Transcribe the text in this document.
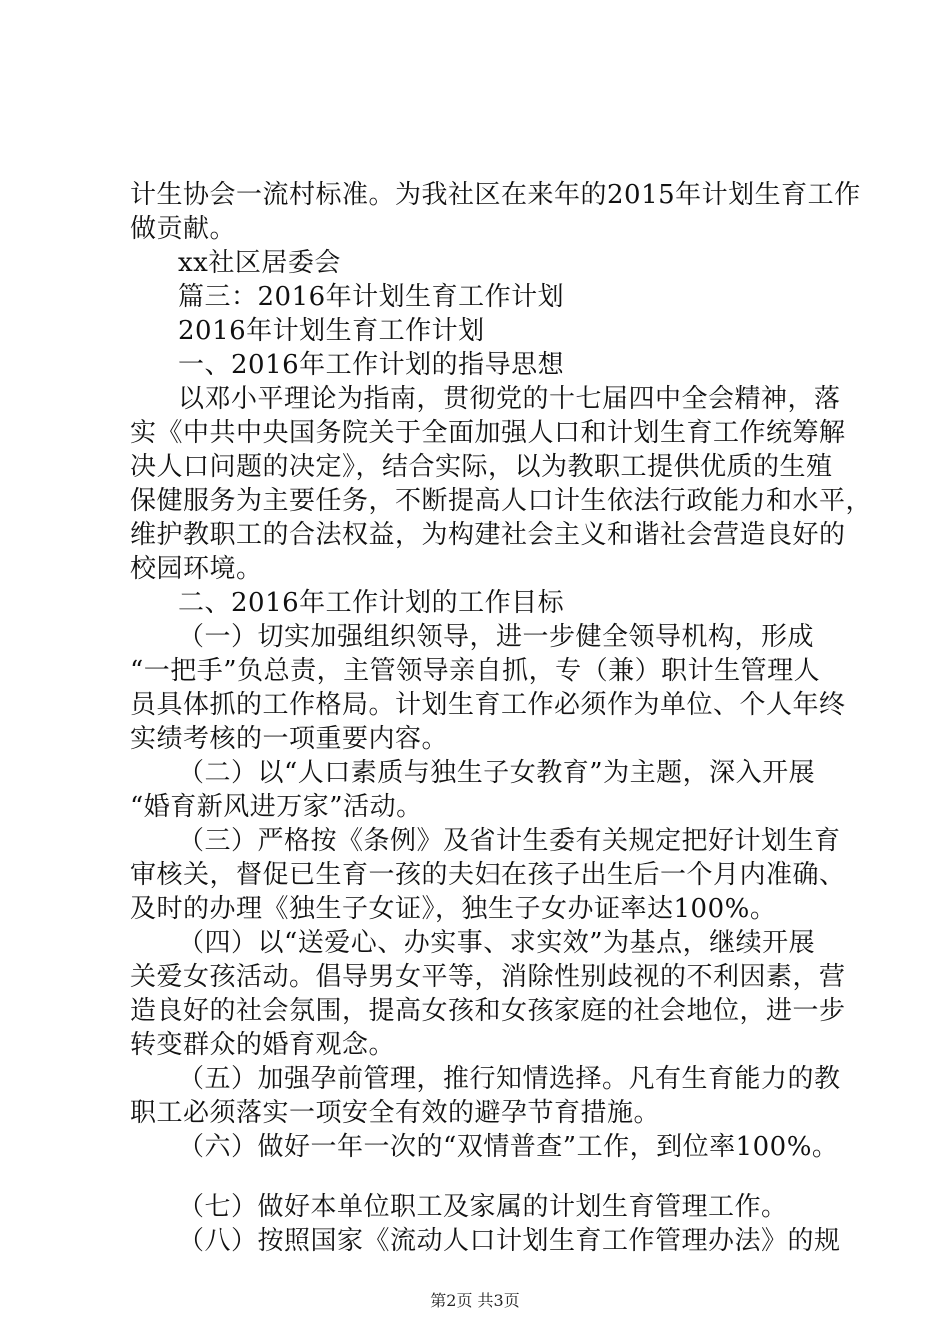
计生协会一流村标准。为我社区在来年的2015年计划生育工作
做贡献。
xx社区居委会
篇三：2016年计划生育工作计划
2016年计划生育工作计划
一、2016年工作计划的指导思想
以邓小平理论为指南，贯彻党的十七届四中全会精神，落
实《中共中央国务院关于全面加强人口和计划生育工作统筹解
决人口问题的决定》，结合实际，以为教职工提供优质的生殖
保健服务为主要任务，不断提高人口计生依法行政能力和水平，
维护教职工的合法权益，为构建社会主义和谐社会营造良好的
校园环境。
二、2016年工作计划的工作目标
（一）切实加强组织领导，进一步健全领导机构，形成
“一把手”负总责，主管领导亲自抓，专（兼）职计生管理人
员具体抓的工作格局。计划生育工作必须作为单位、个人年终
实绩考核的一项重要内容。
（二）以“人口素质与独生子女教育”为主题，深入开展
“婚育新风进万家”活动。
（三）严格按《条例》及省计生委有关规定把好计划生育
审核关，督促已生育一孩的夫妇在孩子出生后一个月内准确、
及时的办理《独生子女证》，独生子女办证率达100%。
（四）以“送爱心、办实事、求实效”为基点，继续开展
关爱女孩活动。倡导男女平等，消除性别歧视的不利因素，营
造良好的社会氛围，提高女孩和女孩家庭的社会地位，进一步
转变群众的婚育观念。
（五）加强孕前管理，推行知情选择。凡有生育能力的教
职工必须落实一项安全有效的避孕节育措施。
（六）做好一年一次的“双情普查”工作，到位率100%。
（七）做好本单位职工及家属的计划生育管理工作。
（八）按照国家《流动人口计划生育工作管理办法》的规
第2页 共3页
